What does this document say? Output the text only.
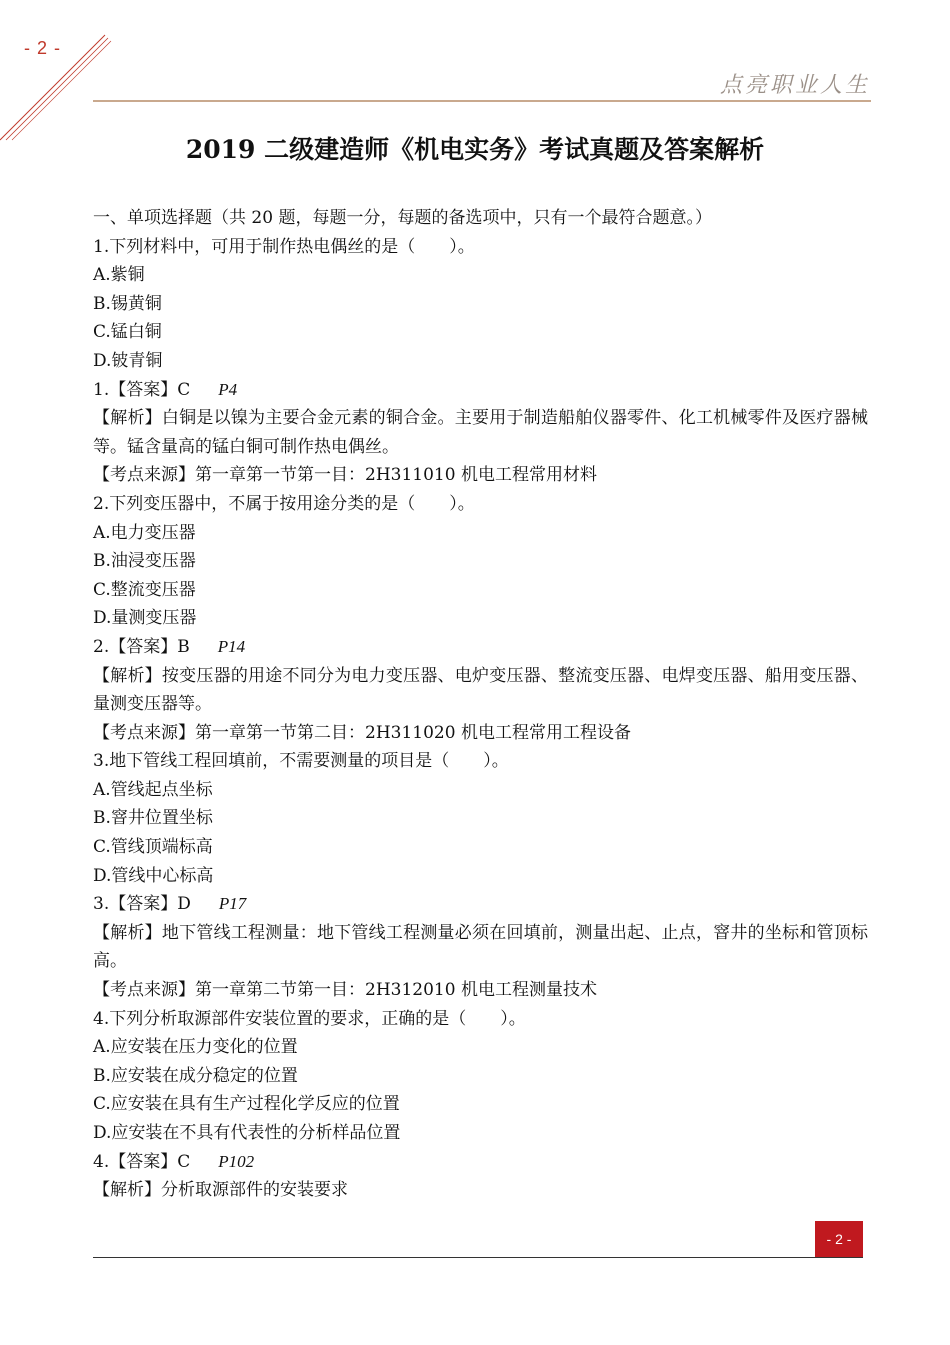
- 2 -
点亮职业人生
2019 二级建造师《机电实务》考试真题及答案解析
一、单项选择题（共 20 题，每题一分，每题的备选项中，只有一个最符合题意。）
1.下列材料中，可用于制作热电偶丝的是（　　）。
A.紫铜
B.锡黄铜
C.锰白铜
D.铍青铜
1.【答案】C P4
【解析】白铜是以镍为主要合金元素的铜合金。主要用于制造船舶仪器零件、化工机械零件及医疗器械等。锰含量高的锰白铜可制作热电偶丝。
【考点来源】第一章第一节第一目：2H311010 机电工程常用材料
2.下列变压器中，不属于按用途分类的是（　　）。
A.电力变压器
B.油浸变压器
C.整流变压器
D.量测变压器
2.【答案】B P14
【解析】按变压器的用途不同分为电力变压器、电炉变压器、整流变压器、电焊变压器、船用变压器、量测变压器等。
【考点来源】第一章第一节第二目：2H311020 机电工程常用工程设备
3.地下管线工程回填前，不需要测量的项目是（　　）。
A.管线起点坐标
B.窨井位置坐标
C.管线顶端标高
D.管线中心标高
3.【答案】D P17
【解析】地下管线工程测量：地下管线工程测量必须在回填前，测量出起、止点，窨井的坐标和管顶标高。
【考点来源】第一章第二节第一目：2H312010 机电工程测量技术
4.下列分析取源部件安装位置的要求，正确的是（　　）。
A.应安装在压力变化的位置
B.应安装在成分稳定的位置
C.应安装在具有生产过程化学反应的位置
D.应安装在不具有代表性的分析样品位置
4.【答案】C P102
【解析】分析取源部件的安装要求
- 2 -
